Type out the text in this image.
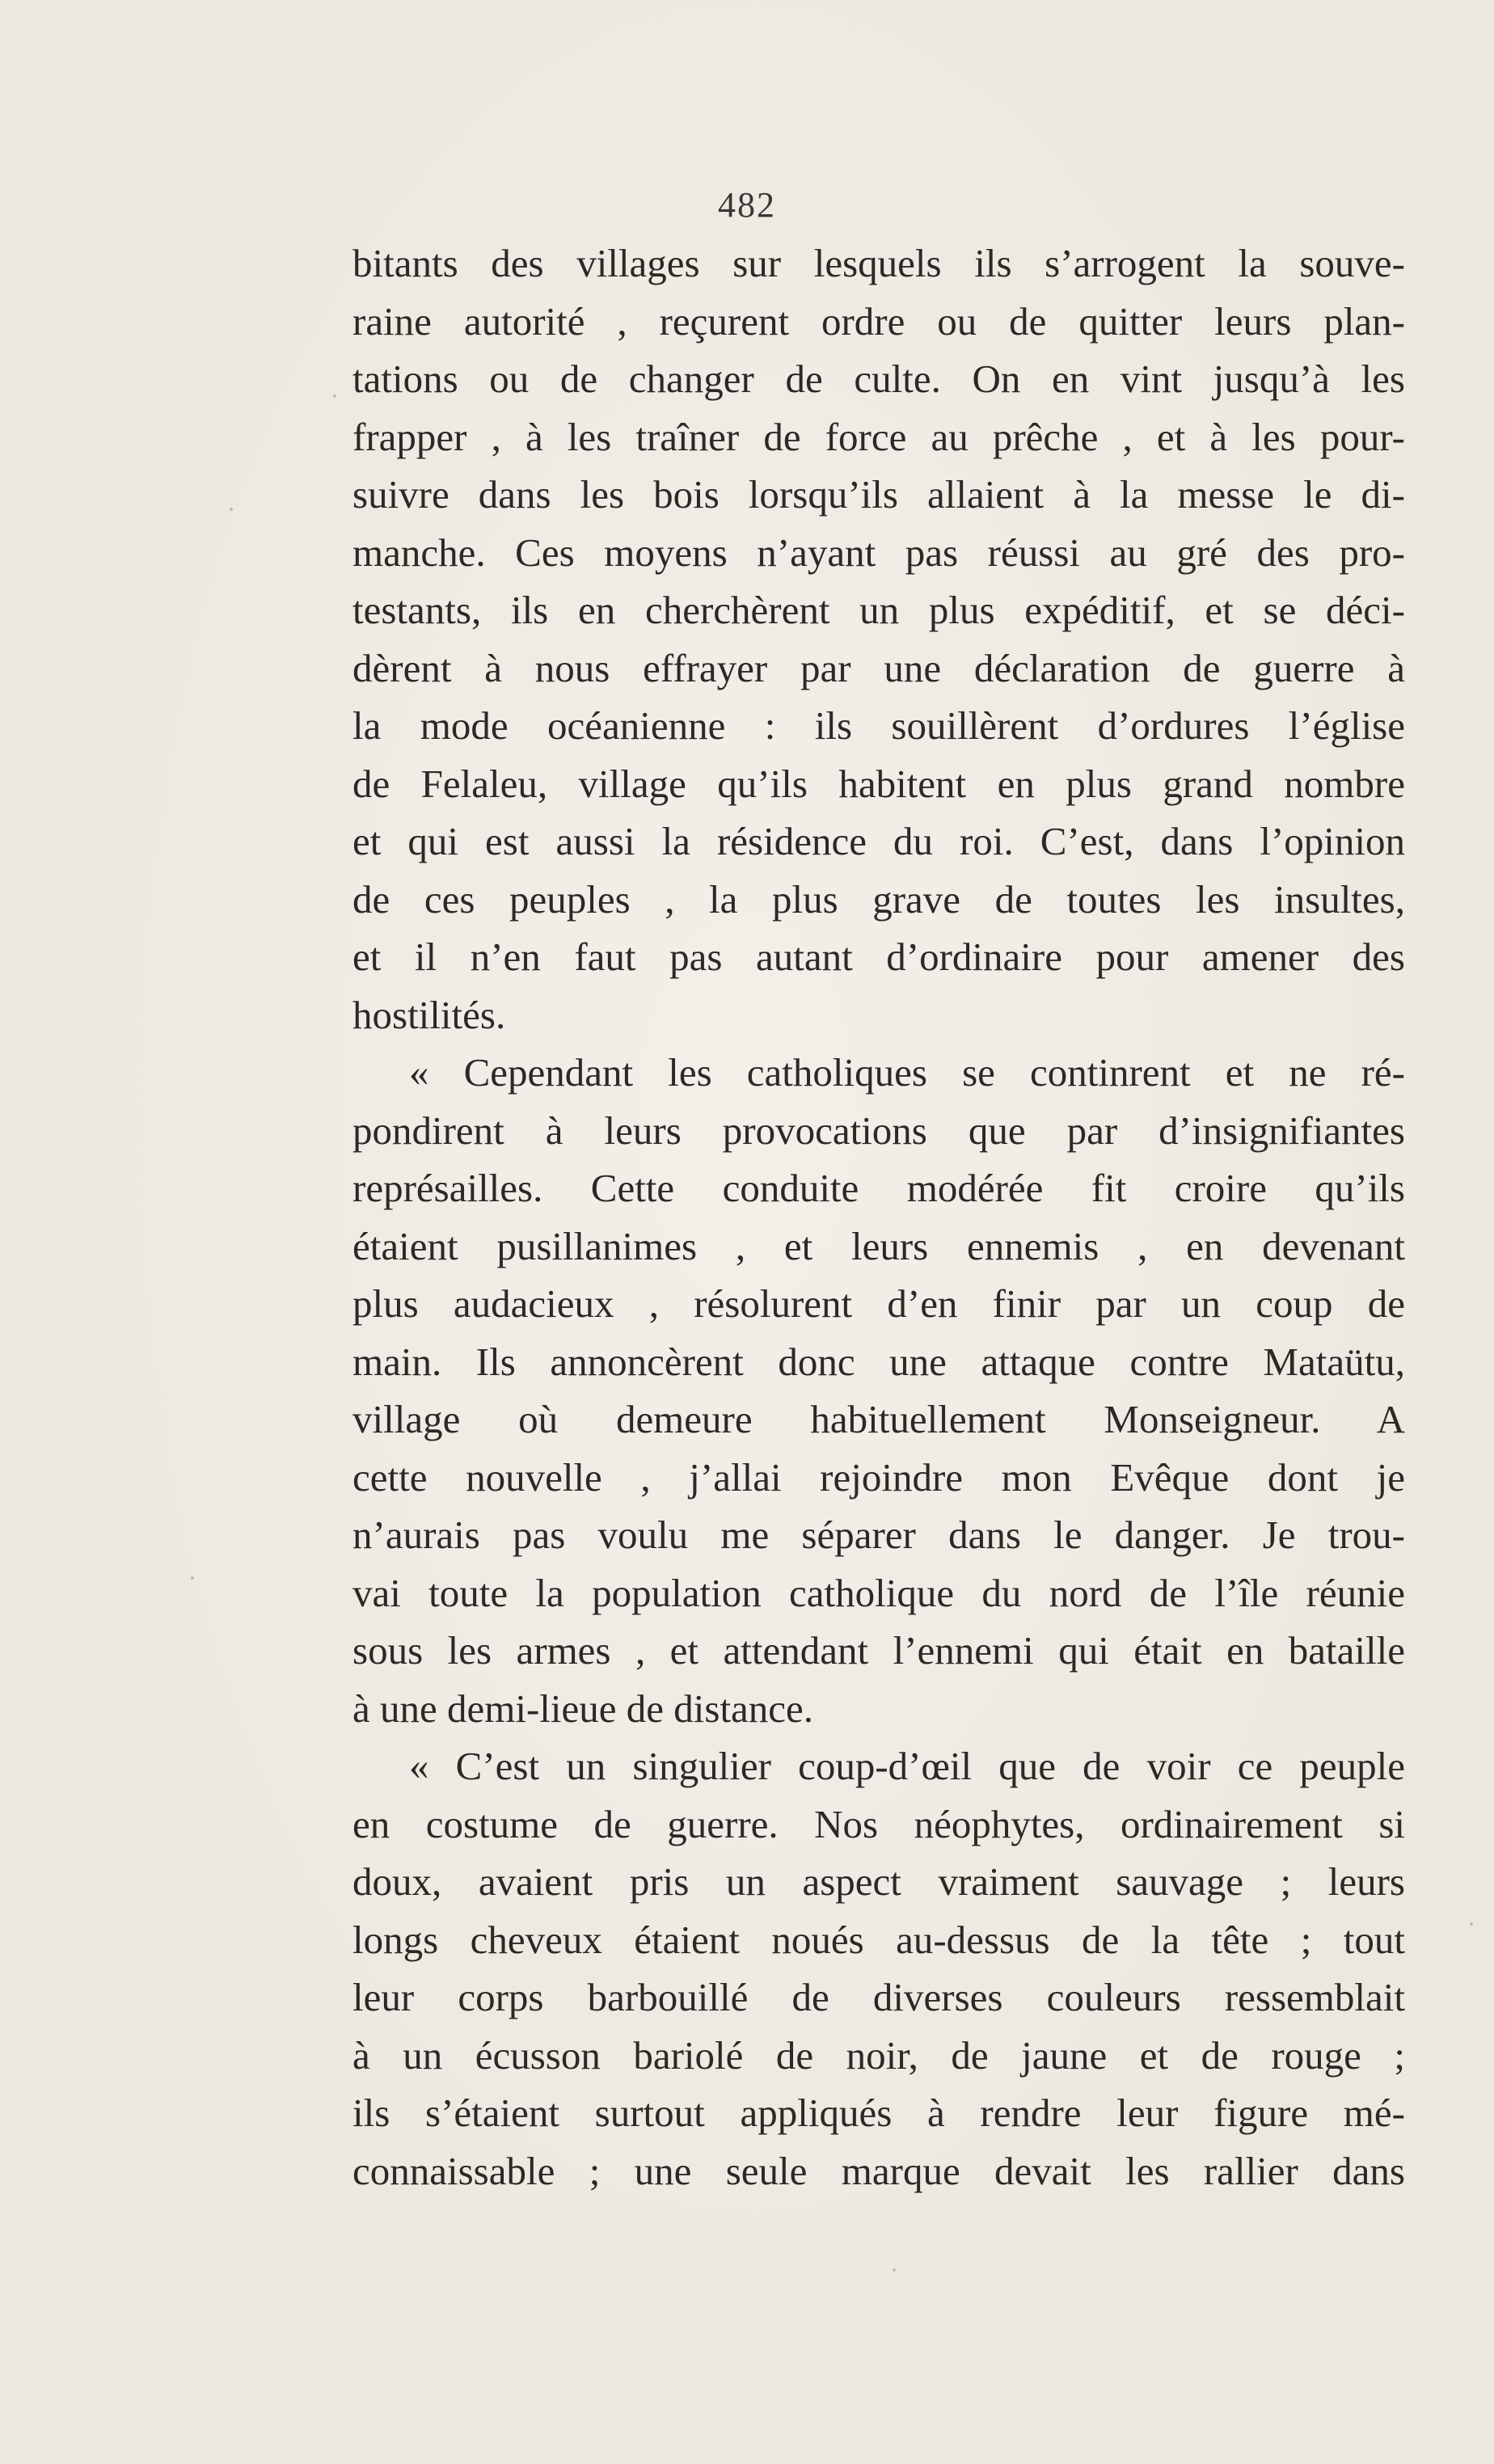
482
bitants des villages sur lesquels ils s’arrogent la souve-
raine autorité , reçurent ordre ou de quitter leurs plan-
tations ou de changer de culte. On en vint jusqu’à les
frapper , à les traîner de force au prêche , et à les pour-
suivre dans les bois lorsqu’ils allaient à la messe le di-
manche. Ces moyens n’ayant pas réussi au gré des pro-
testants, ils en cherchèrent un plus expéditif, et se déci-
dèrent à nous effrayer par une déclaration de guerre à
la mode océanienne : ils souillèrent d’ordures l’église
de Felaleu, village qu’ils habitent en plus grand nombre
et qui est aussi la résidence du roi. C’est, dans l’opinion
de ces peuples , la plus grave de toutes les insultes,
et il n’en faut pas autant d’ordinaire pour amener des
hostilités.
« Cependant les catholiques se continrent et ne ré-
pondirent à leurs provocations que par d’insignifiantes
représailles. Cette conduite modérée fit croire qu’ils
étaient pusillanimes , et leurs ennemis , en devenant
plus audacieux , résolurent d’en finir par un coup de
main. Ils annoncèrent donc une attaque contre Mataütu,
village où demeure habituellement Monseigneur. A
cette nouvelle , j’allai rejoindre mon Evêque dont je
n’aurais pas voulu me séparer dans le danger. Je trou-
vai toute la population catholique du nord de l’île réunie
sous les armes , et attendant l’ennemi qui était en bataille
à une demi-lieue de distance.
« C’est un singulier coup-d’œil que de voir ce peuple
en costume de guerre. Nos néophytes, ordinairement si
doux, avaient pris un aspect vraiment sauvage ; leurs
longs cheveux étaient noués au-dessus de la tête ; tout
leur corps barbouillé de diverses couleurs ressemblait
à un écusson bariolé de noir, de jaune et de rouge ;
ils s’étaient surtout appliqués à rendre leur figure mé-
connaissable ; une seule marque devait les rallier dans
